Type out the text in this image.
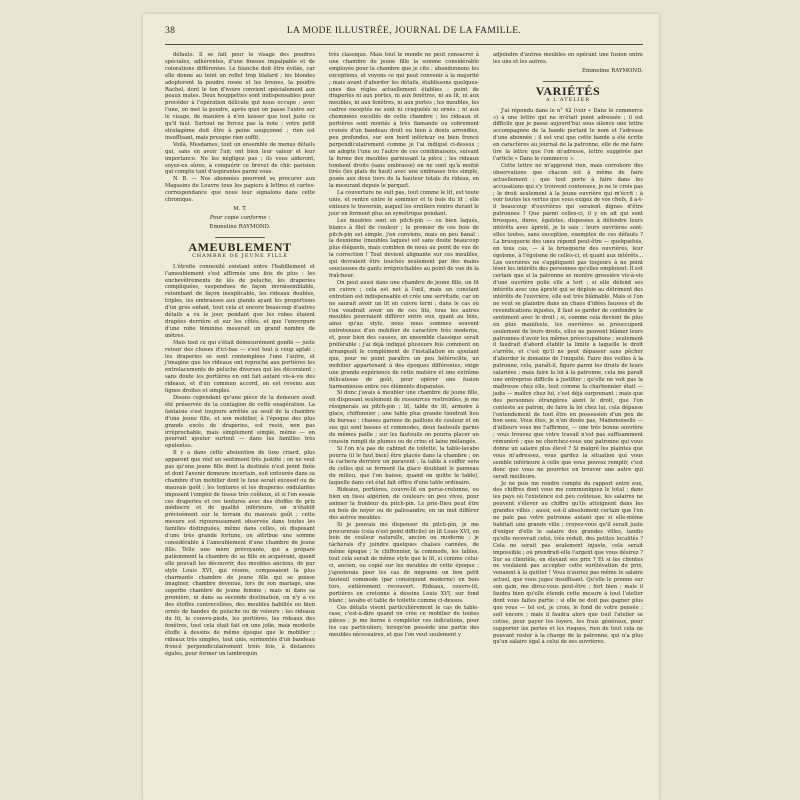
38	LA MODE ILLUSTRÉE, JOURNAL DE LA FAMILLE.

défauts. Il se fait pour le visage des poudres spéciales, adhérentes, d'une finesse impalpable et de colorations différentes. Le blanche doit être évitée, car elle donne au teint un reflet trop blafard ; les blondes adopteront la poudre rosée et les brunes, la poudre Rachel, dont le ton d'ivoire convient spécialement aux peaux mates. Deux houppettes sont indispensables pour procéder à l'opération délicate qui nous occupe : avec l'une, on met la poudre, après quoi on passe l'autre sur le visage, de manière à n'en laisser que tout juste ce qu'il faut. Surtout ne forcez pas la note ; votre petit stratagème doit être à peine soupçonné ; rien est insuffisant, mais presque rien suffit.

Voilà, Mesdames, tout un ensemble de menus détails qui, sans en avoir l'air, ont bien leur valeur et leur importance. Ne les négligez pas ; ils vous aideront, soyez-en sûres, à conquérir ce brevet de chic parisien qui compte tant d'aspirantes parmi vous.

N. B. — Nos abonnées pourront se procurer aux Magasins du Louvre tous les papiers à lettres et cartes-correspondance que nous leur signalons dans cette chronique.

M. T.
Pour copie conforme :
Emmeline RAYMOND.
AMEUBLEMENT
CHAMBRE DE JEUNE FILLE

L'étroite connexité existant entre l'habillement et l'ameublement s'est affirmée une fois de plus : les enchevêtrements de lés de peluche, les draperies compliquées, suspendues de façon invraisemblable, retombant de façon inexplicable, les rideaux doubles, triples, les embrasses aux glands ayant les proportions d'un gros enfant, tout cela et encore beaucoup d'autres détails a vu le jour, pendant que les robes étaient drapées derrière et sur les côtés, et que l'envergure d'une robe féminine mesurait un grand nombre de mètres.

Mais tout ce qui s'était démesurément gonflé — juste retour des choses d'ici-bas — s'est tout à coup aplati ; les draperies se sont contemplées l'une l'autre, et j'imagine que les rideaux ont reproché aux portières les entrelacements de peluche diverses qui les décoraient ; sans doute les portières en ont fait autant vis-à-vis des rideaux, et d'un commun accord, on est revenu aux lignes droites et simples.

Disons cependant qu'une pièce de la demeure avait été préservée de la contagion de cette exagération. La fantaisie s'est toujours arrêtée au seuil de la chambre d'une jeune fille, et son mobilier, à l'époque des plus grands excès de draperies, est resté, non pas irréprochable, mais simplement simple, même — on pourrait ajouter surtout — dans les familles très opulentes.

Il y a dans cette abstention de luxe criard, plus apparent que réel un sentiment très justifié ; on ne veut pas qu'une jeune fille dont la destinée n'est point fixée et dont l'avenir demeure incertain, soit entourée dans sa chambre d'un mobilier dont le luxe serait excessif ou de mauvais goût ; les tentures et les draperies ondulantes imposent l'emploi de tissus très coûteux, et si l'on essaie ces draperies et ces tentures avec des étoffes de prix médiocre et de qualité inférieure, on n'établit précisément sur le terrain du mauvais goût ; cette mesure est rigoureusement observée dans toutes les familles distinguées, même dans celles, où disposant d'une très grande fortune, on attribue une somme considérable à l'ameublement d'une chambre de jeune fille. Telle une mère prévoyante, qui a préparé patiemment la chambre de sa fille en acquérant, quand elle pouvait les découvrir, des meubles anciens, de pur style Louis XVI, qui réunis, composaient la plus charmante chambre de jeune fille qui se puisse imaginer, chambre devenue, lors de son mariage, une superbe chambre de jeune femme ; mais ni dans sa première, ni dans sa seconde destination, on n'y a vu des étoffes contrecollées, des meubles habillés ou bien ornés de bandes de peluche ou de velours ; les rideaux du lit, le couvre-pieds, les portières, les rideaux des fenêtres, tout cela était fait en une jolie, mais modeste étoffe à dessins de même époque que le mobilier ; rideaux très simples, tout unis, surmontés d'un bandeau froncé perpendiculairement trois fois, à distances égales, pour former un lambrequin

très classique. Mais tout le monde ne peut consacrer à une chambre de jeune fille la somme considérable employée pour la chambre que je cite ; abandonnons les exceptions, et voyons ce qui peut convenir à la majorité ; mais avant d'aborder les détails, établissons quelques-unes des règles actuellement établies : point de draperies ni aux portes, ni aux fenêtres, ni au lit, ni aux meubles, ni aux fenêtres, ni aux portes ; les meubles, les cadres exceptés ne sont ni craquelés ni ornés ; ni aux cheminées excellés de cette chambre ; les rideaux et portières sont montés à très flamande ou sobrement croisés d'un bandeau droit ou bien à dents arrondies, peu profondes, sur son bord inférieur ou bien froncé perpendiculairement comme je l'ai indiqué ci-dessus ; on adopte l'une ou l'autre de ces combinaisons, suivant la forme des meubles garnissant la pièce ; les rideaux tombent droits (sans embrasse) on ne sont qu'à moitié tirés (les plats du haut) avec une embrasse très simple, posée aux deux tiers de la hauteur totale du rideau, en la mesurant depuis le parquet.

La couverture ne suit pas, tout comme le lit, est toute unie, et rentre entre le sommier et le bois du lit ; elle entoure le traversin, auquel les oreillers rentre durant le jour en forment plus un symétrique pendant.

Les meubles sont en pitch-pin — ou bien laqués, blancs à filet de couleur ; le premier de ces bois de pitch-pin est simple, j'en conviens, mais on peu banal : la deuxième (meubles laqués) est sans doute beaucoup plus élégante, mais combien de nous au point de vue de la correction ! Tout devient alignante sur ces meubles, qui devraient être touchés seulement par des mains soucieuses de gants irréprochables au point de vue de la fraîcheur.

On peut aussi dans une chambre de jeune fille, un lit en cuivre ; cela est net à l'œil, mais un constant entretien est indispensable et crée une servitude, car on ne saurait avoir un lit en cuivre terni ; dans le cas où l'on voudrait avoir un de ces lits, tous les autres meubles pourraient différer entre eux, quant au bois, ainsi qu'au style, nous nous sommes souvent entretenues d'un mobilier de caractère très moderne, et, pour bien des causes, un ensemble classique serait préférable ; j'ai déjà indiqué plusieurs fois comment on arrangeait le complément de l'installation en ajoutant que, pour ne point paraître un peu hétéroclite, un mobilier appartenant à des époques différentes, exige une grande expérience de cette matière et une extrême délicatesse de goût, pour opérer une fusion harmonieuse entre ces éléments disparates.

Si donc j'avais à meubler une chambre de jeune fille, en disposant seulement de ressources restreintes, je me résignerais au pitch-pin ; lit, table de lit, armoire à glace, chiffonnier ; une table plus grande tiendrait lieu de bureau ; chaises garnies de paillons de couleur et en sus qui sont basses et commodes, deux fauteuils garnis de mêmes paille ; sur les fauteuils on pourra placer un coussin rempli de plumes ou de crins et laine mélangée.

Si l'on n'a pas de cabinet de toilette, la table-lavabo pourra (il le faut bien) être placée dans la chambre ; on la cachera derrière un paravent ; la table à coiffer sera de celles qui se ferment (la glace doublant le panneau du milieu, que l'on baisse, quand on quitte la table), laquelle dans cet état fait office d'une table ordinaire.

Rideaux, portières, couvre-lit en perse-cretonne, ou bien en tissu algérien, de couleurs un peu vives, pour animer la froideur du pitch-pin. Le prie-Dieu peut être en bois de noyer ou de palissandre, en un mot différer des autres meubles.

Si je pouvais me dispenser du pitch-pin, je me procurerais (cela n'est point difficile) un lit Louis XVI, en bois de couleur naturelle, ancien ou moderne ; je tâcherais d'y joindre quelques chaises cannées, de même époque ; le chiffonnier, la commode, les tables, tout cela serait de même style que le lit, si comme celui-ci, ancien, ou copié sur les meubles de cette époque ; j'ajouterais pour les cas de migraine un bon petit fauteuil commode (par conséquent moderne) en bois tors, entièrement recouvert. Rideaux, couvre-lit, portières en cretonne à dessins Louis XVI, sur fond blanc ; lavabo et table de toilette comme ci-dessus.

Ces détails visent particulièrement le cas de table-rase, c'est-à-dire quand on crée ce mobilier de toutes pièces ; je me borne à compléter ces indications, pour les cas particuliers, lorsqu'on possède une partie des meubles nécessaires, et que l'on veut seulement y

adjoindre d'autres meubles en opérant une fusion entre les uns et les autres.

Emmeline RAYMOND.
VARIÉTÉS
A L'ATELIER

J'ai répondu dans le n° 42 (voir « Dans le commerce ») à une lettre qui ne m'était point adressée ; il est difficile que je passe aujourd'hui sous silence une lettre accompagnée de la bande portant le nom et l'adresse d'une abonnée ; il est vrai que cette bande a été écrite en caractères au journal de la patronne, elle de me faire lire la lettre que l'on m'adresse, lettre suggérée par l'article « Dans le commerce ».

Cette lettre ne m'apprend rien, mais corrobore des observations que chacun est à même de faire actuellement ; que tout porte à faire dans les accusations qui s'y trouvent contenues, je ne le crois pas ; le droit seulement à la jeune ouvrière qui m'écrit : à voir toutes les vertus que vous exigez de vos chefs, il a-t-il beaucoup d'ouvrières qui seraient dignes d'être patronnes ? Que parmi celles-ci, il y en ait qui sont brusques, dures, égoïstes, disposées à défendre leurs intérêts avec âpreté, je le sais ; leurs ouvrières sont-elles toutes, sans exception, exemptes de ces défauts ? La brusquerie des unes répond peut-être — quelquefois, en tous cas, — à la brusquerie des ouvrières, leur égoïsme, à l'égoïsme de celles-ci, et quant aux intérêts... Les ouvrières ne s'appliquent pas toujours à ne point léser les intérêts des personnes qu'elles emploient. Il est certain que si la patronne se montre grossière vis-à-vis d'une ouvrière polie elle a tort ; si elle défend ses intérêts avec une âpreté qui se déploie au détriment des intérêts de l'ouvrière, elle est très blâmable. Mais si l'on ne veut se plaindre dans un chaos d'idées fausses et de revendications injustes, il faut se garder de confondre le sentiment avec le droit ; si, comme cela devient de plus en plus manifeste, les ouvrières se préoccupent seulement de leurs droits, elles ne peuvent blâmer leurs patronnes d'avoir les mêmes préoccupations ; seulement il faudrait d'abord établir la limite à laquelle le droit s'arrête, et c'est qu'il ne peut dépasser sans pêcher d'aborder le domaine de l'iniquité. Faire des veilles à la patronne, cela, paraît-il, figure parmi les droits de leurs salariées ; mais faire la loi à la patronne, cela me paraît une entreprise difficile à justifier ; qu'elle ne voit pas la maîtresse chez elle, tout comme la charbonnier était — jadis — maître chez lui, c'est déjà surprenant ; mais que des personnes étrangères aient le droit, que l'on conteste au patron, de faire la loi chez lui, cela dépasse l'entendement de tout être en possession d'un peu de bon sens. Vous êtes, je n'en doute pas, Mademoiselle — d'ailleurs vous me l'affirmez, — une très bonne ouvrière ; vous trouvez que votre travail n'est pas suffisamment rémunéré ; que ne cherchez-vous une patronne qui vous donne un salaire plus élevé ? Si malgré les plaintes que vous m'adressez, vous gardez la situation qui vous semble inférieure à celle que vous pouvez remplir, c'est donc que vous ne pourriez en trouver une autre qui serait meilleure.

Je ne puis me rendre compte du rapport entre eux, des chiffres dont vous me communiquez le total : dans les pays où l'existence est peu coûteuse, les salaires ne peuvent s'élever au chiffre qu'ils atteignent dans les grandes villes ; aussi, est-il absolument certain que l'on ne pale pas votre patronne autant que si elle-même habitait une grande ville ; croyez-vous qu'il serait juste d'exiger d'elle le salaire des grandes villes, tandis qu'elle recevrait celui, très réduit, des petites localités ? Cela ne serait pas seulement injuste, cela serait impossible ; où prendrait-elle l'argent que vous désirez ? Sur sa clientèle, en élevant ses prix ? Et si les clientes ne voulaient pas accepter cette surélévation de prix, venaient à la quitter ! Vous n'auriez pas même le salaire actuel, que vous jugez insuffisant. Qu'elle le prenne sur son gain, me direz-vous peut-être ; fort bien ; mais il faudra bien qu'elle étende cette mesure à tout l'atelier dont vous faites partie ; si elle ne doit pas gagner plus que vous — tel est, je crois, le fond de votre pensée ; soit encore ; mais il faudra alors que tout l'atelier se cotise, pour payer les loyers, les frais généraux, pour supporter les pertes et les risques, rien de tout cela ne pouvant rester à la charge de la patronne, qui n'a plus qu'un salaire égal à celui de ses ouvrières.
